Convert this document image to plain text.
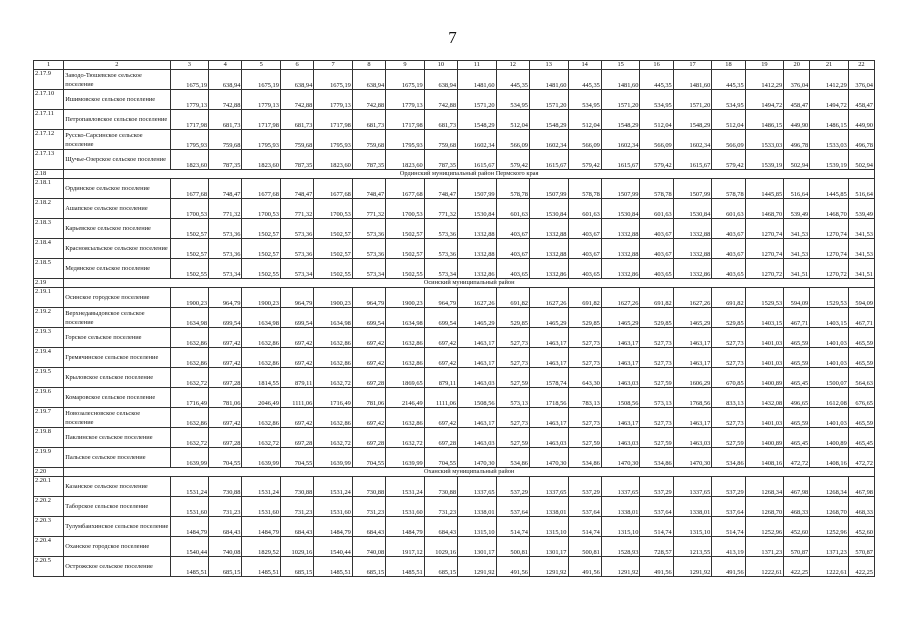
7
1	2	3	4	5	6	7	8	9	10	11	12	13	14	15	16	17	18	19	20	21	22
2.17.9	Заводо-Тюшевское сельское поселение	1675,19	638,94	1675,19	638,94	1675,19	638,94	1675,19	638,94	1481,60	445,35	1481,60	445,35	1481,60	445,35	1481,60	445,35	1412,29	376,04	1412,29	376,04
2.17.10	Ишимовское сельское поселение	1779,13	742,88	1779,13	742,88	1779,13	742,88	1779,13	742,88	1571,20	534,95	1571,20	534,95	1571,20	534,95	1571,20	534,95	1494,72	458,47	1494,72	458,47
2.17.11	Петропавловское сельское поселение	1717,98	681,73	1717,98	681,73	1717,98	681,73	1717,98	681,73	1548,29	512,04	1548,29	512,04	1548,29	512,04	1548,29	512,04	1486,15	449,90	1486,15	449,90
2.17.12	Русско-Сарсинское сельское поселение	1795,93	759,68	1795,93	759,68	1795,93	759,68	1795,93	759,68	1602,34	566,09	1602,34	566,09	1602,34	566,09	1602,34	566,09	1533,03	496,78	1533,03	496,78
2.17.13	Щучье-Озерское сельское поселение	1823,60	787,35	1823,60	787,35	1823,60	787,35	1823,60	787,35	1615,67	579,42	1615,67	579,42	1615,67	579,42	1615,67	579,42	1539,19	502,94	1539,19	502,94
2.18	Ординский муниципальный район Пермского края																				
2.18.1	Ординское сельское поселение	1677,68	748,47	1677,68	748,47	1677,68	748,47	1677,68	748,47	1507,99	578,78	1507,99	578,78	1507,99	578,78	1507,99	578,78	1445,85	516,64	1445,85	516,64
2.18.2	Ашапское сельское поселение	1700,53	771,32	1700,53	771,32	1700,53	771,32	1700,53	771,32	1530,84	601,63	1530,84	601,63	1530,84	601,63	1530,84	601,63	1468,70	539,49	1468,70	539,49
2.18.3	Карьевское сельское поселение	1502,57	573,36	1502,57	573,36	1502,57	573,36	1502,57	573,36	1332,88	403,67	1332,88	403,67	1332,88	403,67	1332,88	403,67	1270,74	341,53	1270,74	341,53
2.18.4	Красноясыльское сельское поселение	1502,57	573,36	1502,57	573,36	1502,57	573,36	1502,57	573,36	1332,88	403,67	1332,88	403,67	1332,88	403,67	1332,88	403,67	1270,74	341,53	1270,74	341,53
2.18.5	Медянское сельское поселение	1502,55	573,34	1502,55	573,34	1502,55	573,34	1502,55	573,34	1332,86	403,65	1332,86	403,65	1332,86	403,65	1332,86	403,65	1270,72	341,51	1270,72	341,51
2.19	Осинский муниципальный район																				
2.19.1	Осинское городское поселение	1900,23	964,79	1900,23	964,79	1900,23	964,79	1900,23	964,79	1627,26	691,82	1627,26	691,82	1627,26	691,82	1627,26	691,82	1529,53	594,09	1529,53	594,09
2.19.2	Верхнедавыдовское сельское поселение	1634,98	699,54	1634,98	699,54	1634,98	699,54	1634,98	699,54	1465,29	529,85	1465,29	529,85	1465,29	529,85	1465,29	529,85	1403,15	467,71	1403,15	467,71
2.19.3	Горское сельское поселение	1632,86	697,42	1632,86	697,42	1632,86	697,42	1632,86	697,42	1463,17	527,73	1463,17	527,73	1463,17	527,73	1463,17	527,73	1401,03	465,59	1401,03	465,59
2.19.4	Гремячинское сельское поселение	1632,86	697,42	1632,86	697,42	1632,86	697,42	1632,86	697,42	1463,17	527,73	1463,17	527,73	1463,17	527,73	1463,17	527,73	1401,03	465,59	1401,03	465,59
2.19.5	Крыловское сельское поселение	1632,72	697,28	1814,55	879,11	1632,72	697,28	1869,65	879,11	1463,03	527,59	1578,74	643,30	1463,03	527,59	1606,29	670,85	1400,89	465,45	1500,07	564,63
2.19.6	Комаровское сельское поселение	1716,49	781,06	2046,49	1111,06	1716,49	781,06	2146,49	1111,06	1508,56	573,13	1718,56	783,13	1508,56	573,13	1768,56	833,13	1432,08	496,65	1612,08	676,65
2.19.7	Новозалесновское сельское поселение	1632,86	697,42	1632,86	697,42	1632,86	697,42	1632,86	697,42	1463,17	527,73	1463,17	527,73	1463,17	527,73	1463,17	527,73	1401,03	465,59	1401,03	465,59
2.19.8	Паклинское сельское поселение	1632,72	697,28	1632,72	697,28	1632,72	697,28	1632,72	697,28	1463,03	527,59	1463,03	527,59	1463,03	527,59	1463,03	527,59	1400,89	465,45	1400,89	465,45
2.19.9	Пальское сельское поселение	1639,99	704,55	1639,99	704,55	1639,99	704,55	1639,99	704,55	1470,30	534,86	1470,30	534,86	1470,30	534,86	1470,30	534,86	1408,16	472,72	1408,16	472,72
2.20	Оханский муниципальный район																				
2.20.1	Казанское сельское поселение	1531,24	730,88	1531,24	730,88	1531,24	730,88	1531,24	730,88	1337,65	537,29	1337,65	537,29	1337,65	537,29	1337,65	537,29	1268,34	467,98	1268,34	467,98
2.20.2	Таборское сельское поселение	1531,60	731,23	1531,60	731,23	1531,60	731,23	1531,60	731,23	1338,01	537,64	1338,01	537,64	1338,01	537,64	1338,01	537,64	1268,70	468,33	1268,70	468,33
2.20.3	Тулумбаихинское сельское поселение	1484,79	684,43	1484,79	684,43	1484,79	684,43	1484,79	684,43	1315,10	514,74	1315,10	514,74	1315,10	514,74	1315,10	514,74	1252,96	452,60	1252,96	452,60
2.20.4	Оханское городское поселение	1540,44	740,08	1829,52	1029,16	1540,44	740,08	1917,12	1029,16	1301,17	500,81	1301,17	500,81	1528,93	728,57	1213,55	413,19	1371,23	570,87	1371,23	570,87
2.20.5	Острожское сельское поселение	1485,51	685,15	1485,51	685,15	1485,51	685,15	1485,51	685,15	1291,92	491,56	1291,92	491,56	1291,92	491,56	1291,92	491,56	1222,61	422,25	1222,61	422,25
